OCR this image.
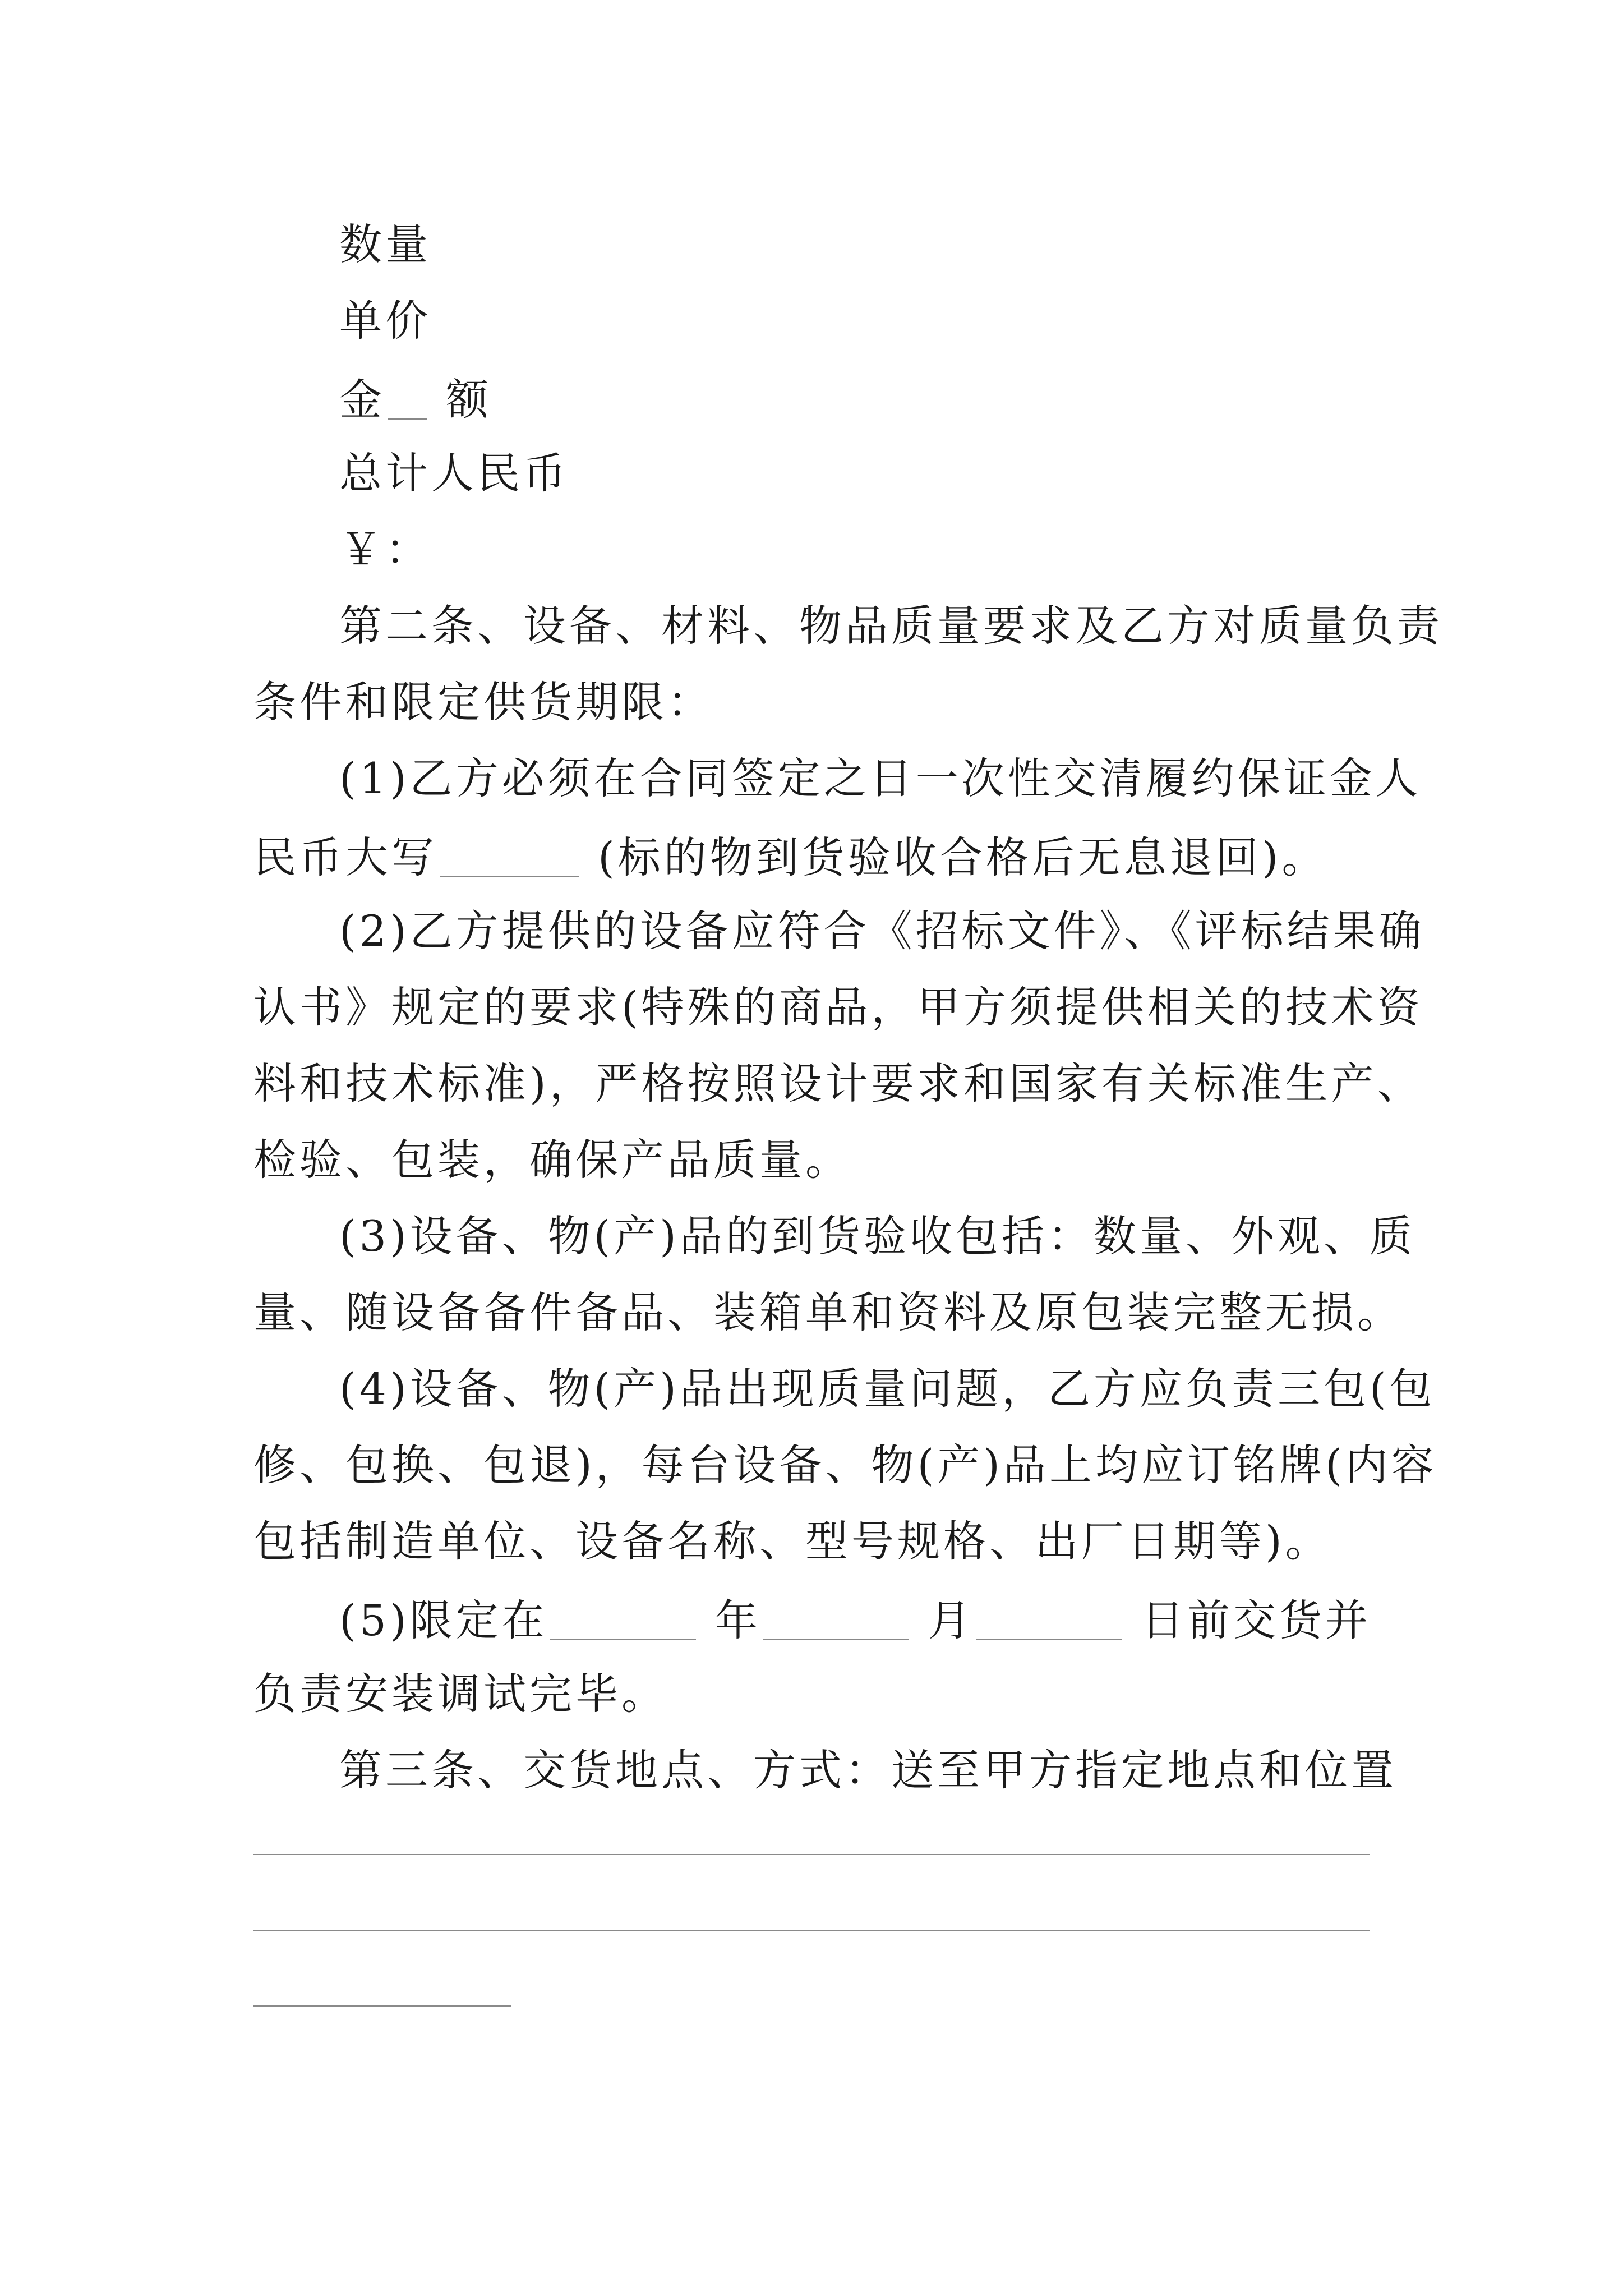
数量
单价
金 额
总计人民币
￥：
第二条、设备、材料、物品质量要求及乙方对质量负责
条件和限定供货期限：
(1)乙方必须在合同签定之日一次性交清履约保证金人
民币大写	(标的物到货验收合格后无息退回)。
(2)乙方提供的设备应符合《招标文件》、《评标结果确
认书》规定的要求(特殊的商品，甲方须提供相关的技术资
料和技术标准)，严格按照设计要求和国家有关标准生产、
检验、包装，确保产品质量。
(3)设备、物(产)品的到货验收包括：数量、外观、质
量、随设备备件备品、装箱单和资料及原包装完整无损。
(4)设备、物(产)品出现质量问题，乙方应负责三包(包
修、包换、包退)，每台设备、物(产)品上均应订铭牌(内容
包括制造单位、设备名称、型号规格、出厂日期等)。
(5)限定在	年	月	日前交货并
负责安装调试完毕。
第三条、交货地点、方式：送至甲方指定地点和位置
